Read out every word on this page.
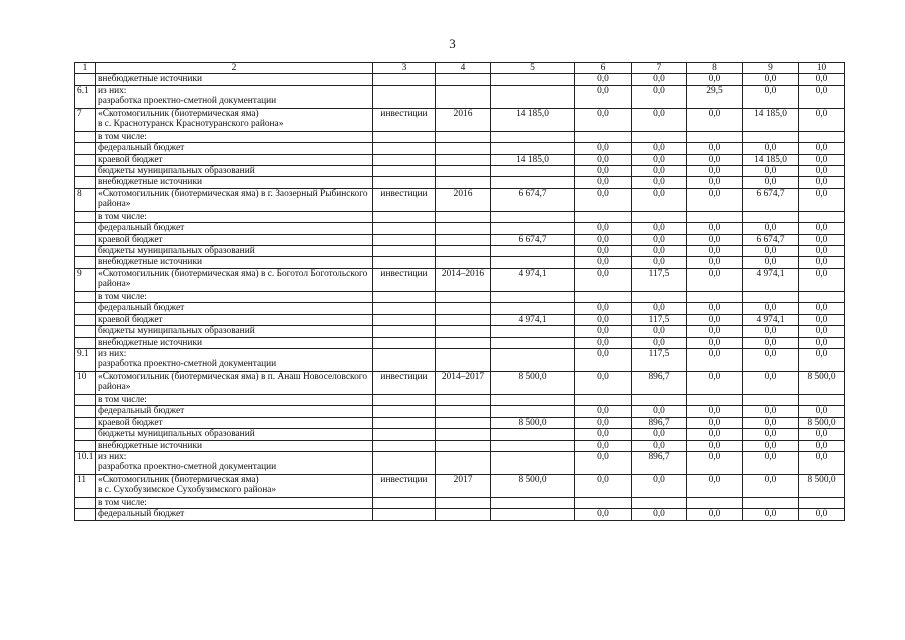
3
1	2	3	4	5	6	7	8	9	10
	внебюджетные источники				0,0	0,0	0,0	0,0	0,0
6.1	из них:
разработка проектно-сметной документации				0,0	0,0	29,5	0,0	0,0
7	«Скотомогильник (биотермическая яма)
в с. Краснотуранск Краснотуранского района»	инвестиции	2016	14 185,0	0,0	0,0	0,0	14 185,0	0,0
	в том числе:								
	федеральный бюджет				0,0	0,0	0,0	0,0	0,0
	краевой бюджет			14 185,0	0,0	0,0	0,0	14 185,0	0,0
	бюджеты муниципальных образований				0,0	0,0	0,0	0,0	0,0
	внебюджетные источники				0,0	0,0	0,0	0,0	0,0
8	«Скотомогильник (биотермическая яма) в г. Заозерный Рыбинского района»	инвестиции	2016	6 674,7	0,0	0,0	0,0	6 674,7	0,0
	в том числе:								
	федеральный бюджет				0,0	0,0	0,0	0,0	0,0
	краевой бюджет			6 674,7	0,0	0,0	0,0	6 674,7	0,0
	бюджеты муниципальных образований				0,0	0,0	0,0	0,0	0,0
	внебюджетные источники				0,0	0,0	0,0	0,0	0,0
9	«Скотомогильник (биотермическая яма) в с. Боготол Боготольского района»	инвестиции	2014–2016	4 974,1	0,0	117,5	0,0	4 974,1	0,0
	в том числе:								
	федеральный бюджет				0,0	0,0	0,0	0,0	0,0
	краевой бюджет			4 974,1	0,0	117,5	0,0	4 974,1	0,0
	бюджеты муниципальных образований				0,0	0,0	0,0	0,0	0,0
	внебюджетные источники				0,0	0,0	0,0	0,0	0,0
9.1	из них:
разработка проектно-сметной документации				0,0	117,5	0,0	0,0	0,0
10	«Скотомогильник (биотермическая яма) в п. Анаш Новоселовского района»	инвестиции	2014–2017	8 500,0	0,0	896,7	0,0	0,0	8 500,0
	в том числе:								
	федеральный бюджет				0,0	0,0	0,0	0,0	0,0
	краевой бюджет			8 500,0	0,0	896,7	0,0	0,0	8 500,0
	бюджеты муниципальных образований				0,0	0,0	0,0	0,0	0,0
	внебюджетные источники				0,0	0,0	0,0	0,0	0,0
10.1	из них:
разработка проектно-сметной документации				0,0	896,7	0,0	0,0	0,0
11	«Скотомогильник (биотермическая яма)
в с. Сухобузимское Сухобузимского района»	инвестиции	2017	8 500,0	0,0	0,0	0,0	0,0	8 500,0
	в том числе:								
	федеральный бюджет				0,0	0,0	0,0	0,0	0,0
